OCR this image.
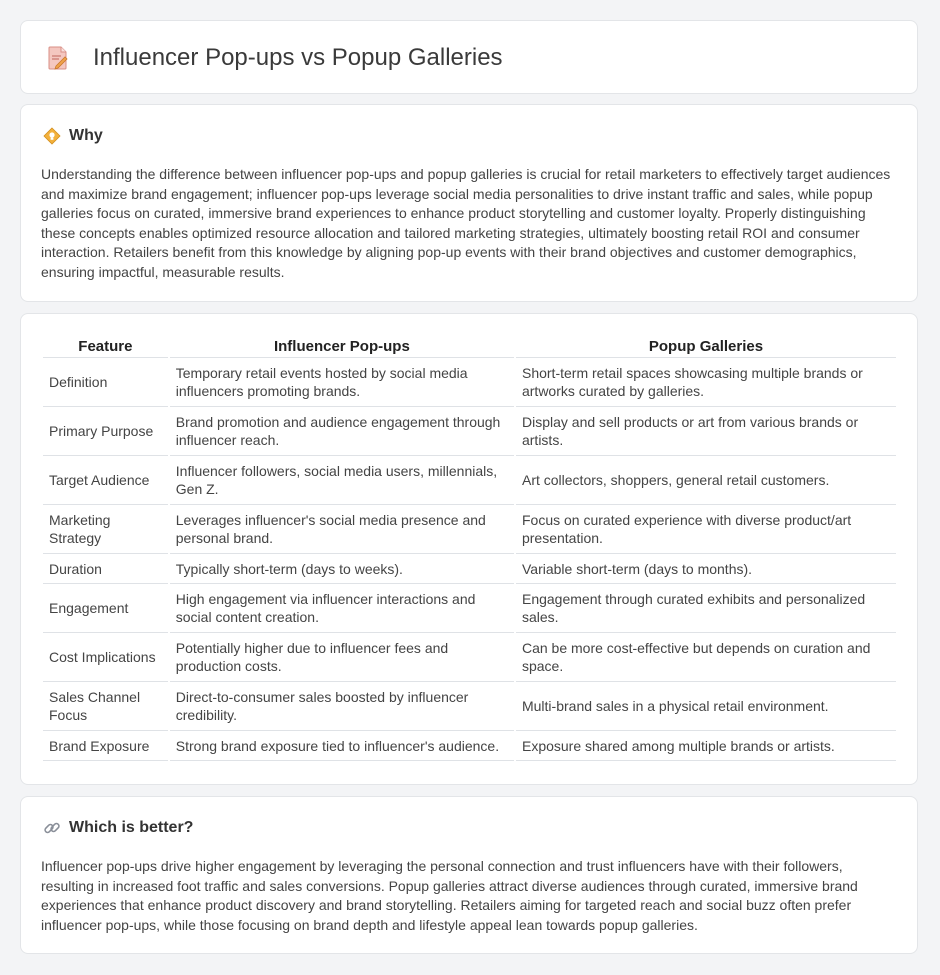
Influencer Pop-ups vs Popup Galleries
Why

Understanding the difference between influencer pop-ups and popup galleries is crucial for retail marketers to effectively target audiences and maximize brand engagement; influencer pop-ups leverage social media personalities to drive instant traffic and sales, while popup galleries focus on curated, immersive brand experiences to enhance product storytelling and customer loyalty. Properly distinguishing these concepts enables optimized resource allocation and tailored marketing strategies, ultimately boosting retail ROI and consumer interaction. Retailers benefit from this knowledge by aligning pop-up events with their brand objectives and customer demographics, ensuring impactful, measurable results.

Feature	Influencer Pop-ups	Popup Galleries
Definition	Temporary retail events hosted by social media influencers promoting brands.	Short-term retail spaces showcasing multiple brands or artworks curated by galleries.
Primary Purpose	Brand promotion and audience engagement through influencer reach.	Display and sell products or art from various brands or artists.
Target Audience	Influencer followers, social media users, millennials, Gen Z.	Art collectors, shoppers, general retail customers.
Marketing Strategy	Leverages influencer's social media presence and personal brand.	Focus on curated experience with diverse product/art presentation.
Duration	Typically short-term (days to weeks).	Variable short-term (days to months).
Engagement	High engagement via influencer interactions and social content creation.	Engagement through curated exhibits and personalized sales.
Cost Implications	Potentially higher due to influencer fees and production costs.	Can be more cost-effective but depends on curation and space.
Sales Channel Focus	Direct-to-consumer sales boosted by influencer credibility.	Multi-brand sales in a physical retail environment.
Brand Exposure	Strong brand exposure tied to influencer's audience.	Exposure shared among multiple brands or artists.
Which is better?

Influencer pop-ups drive higher engagement by leveraging the personal connection and trust influencers have with their followers, resulting in increased foot traffic and sales conversions. Popup galleries attract diverse audiences through curated, immersive brand experiences that enhance product discovery and brand storytelling. Retailers aiming for targeted reach and social buzz often prefer influencer pop-ups, while those focusing on brand depth and lifestyle appeal lean towards popup galleries.
